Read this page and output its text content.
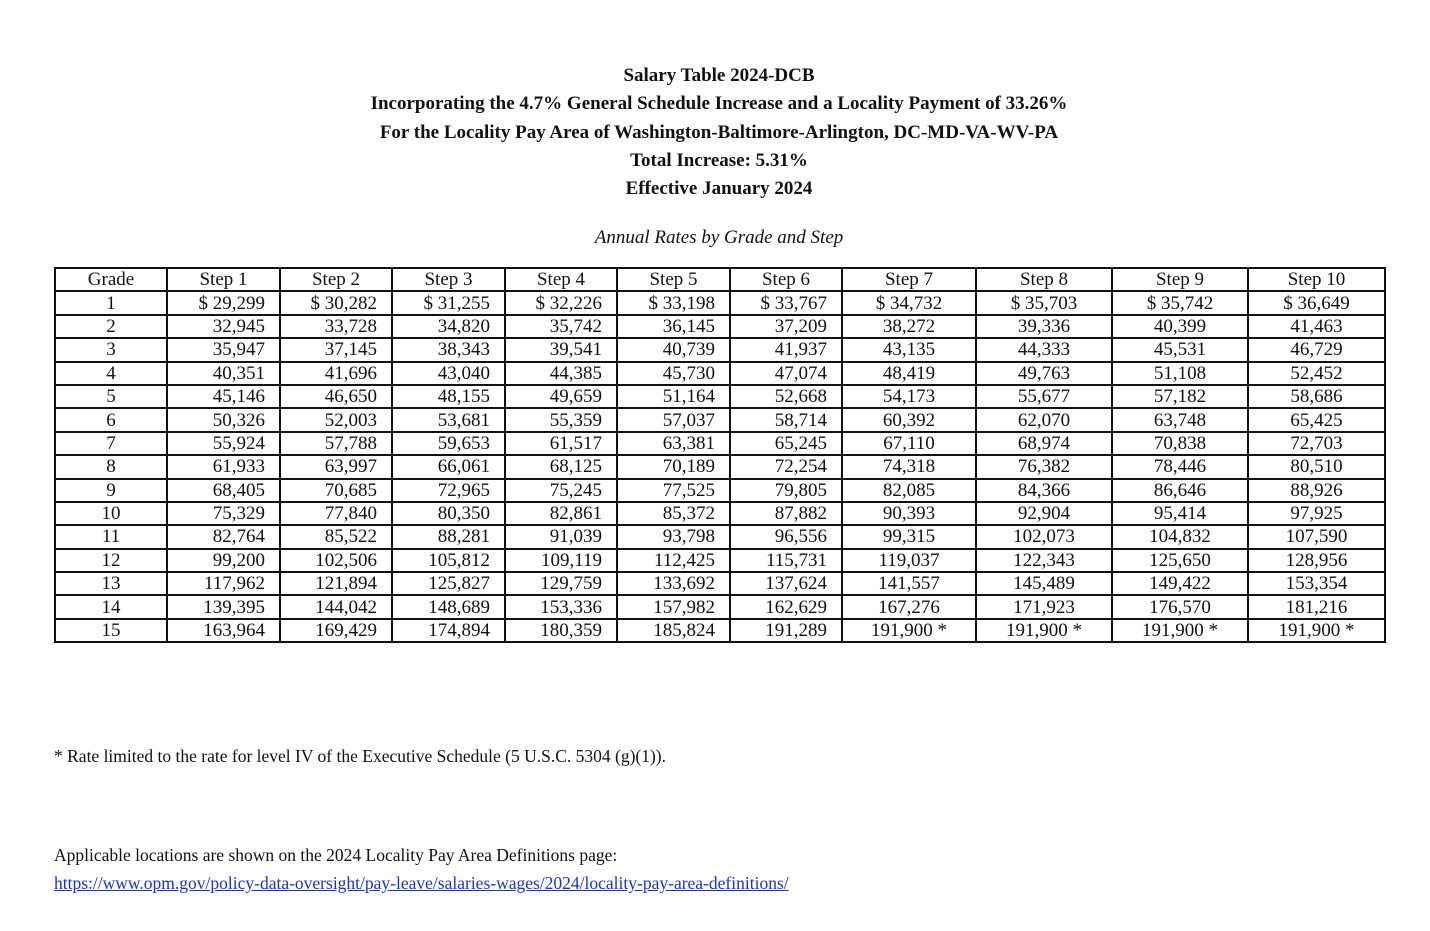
Salary Table 2024-DCB
Incorporating the 4.7% General Schedule Increase and a Locality Payment of 33.26%
For the Locality Pay Area of Washington-Baltimore-Arlington, DC-MD-VA-WV-PA
Total Increase: 5.31%
Effective January 2024
Annual Rates by Grade and Step
Grade	Step 1	Step 2	Step 3	Step 4	Step 5	Step 6	Step 7	Step 8	Step 9	Step 10
1	$ 29,299	$ 30,282	$ 31,255	$ 32,226	$ 33,198	$ 33,767	$ 34,732	$ 35,703	$ 35,742	$ 36,649
2	32,945	33,728	34,820	35,742	36,145	37,209	38,272	39,336	40,399	41,463
3	35,947	37,145	38,343	39,541	40,739	41,937	43,135	44,333	45,531	46,729
4	40,351	41,696	43,040	44,385	45,730	47,074	48,419	49,763	51,108	52,452
5	45,146	46,650	48,155	49,659	51,164	52,668	54,173	55,677	57,182	58,686
6	50,326	52,003	53,681	55,359	57,037	58,714	60,392	62,070	63,748	65,425
7	55,924	57,788	59,653	61,517	63,381	65,245	67,110	68,974	70,838	72,703
8	61,933	63,997	66,061	68,125	70,189	72,254	74,318	76,382	78,446	80,510
9	68,405	70,685	72,965	75,245	77,525	79,805	82,085	84,366	86,646	88,926
10	75,329	77,840	80,350	82,861	85,372	87,882	90,393	92,904	95,414	97,925
11	82,764	85,522	88,281	91,039	93,798	96,556	99,315	102,073	104,832	107,590
12	99,200	102,506	105,812	109,119	112,425	115,731	119,037	122,343	125,650	128,956
13	117,962	121,894	125,827	129,759	133,692	137,624	141,557	145,489	149,422	153,354
14	139,395	144,042	148,689	153,336	157,982	162,629	167,276	171,923	176,570	181,216
15	163,964	169,429	174,894	180,359	185,824	191,289	191,900 *	191,900 *	191,900 *	191,900 *
* Rate limited to the rate for level IV of the Executive Schedule (5 U.S.C. 5304 (g)(1)).
Applicable locations are shown on the 2024 Locality Pay Area Definitions page:
https://www.opm.gov/policy-data-oversight/pay-leave/salaries-wages/2024/locality-pay-area-definitions/
